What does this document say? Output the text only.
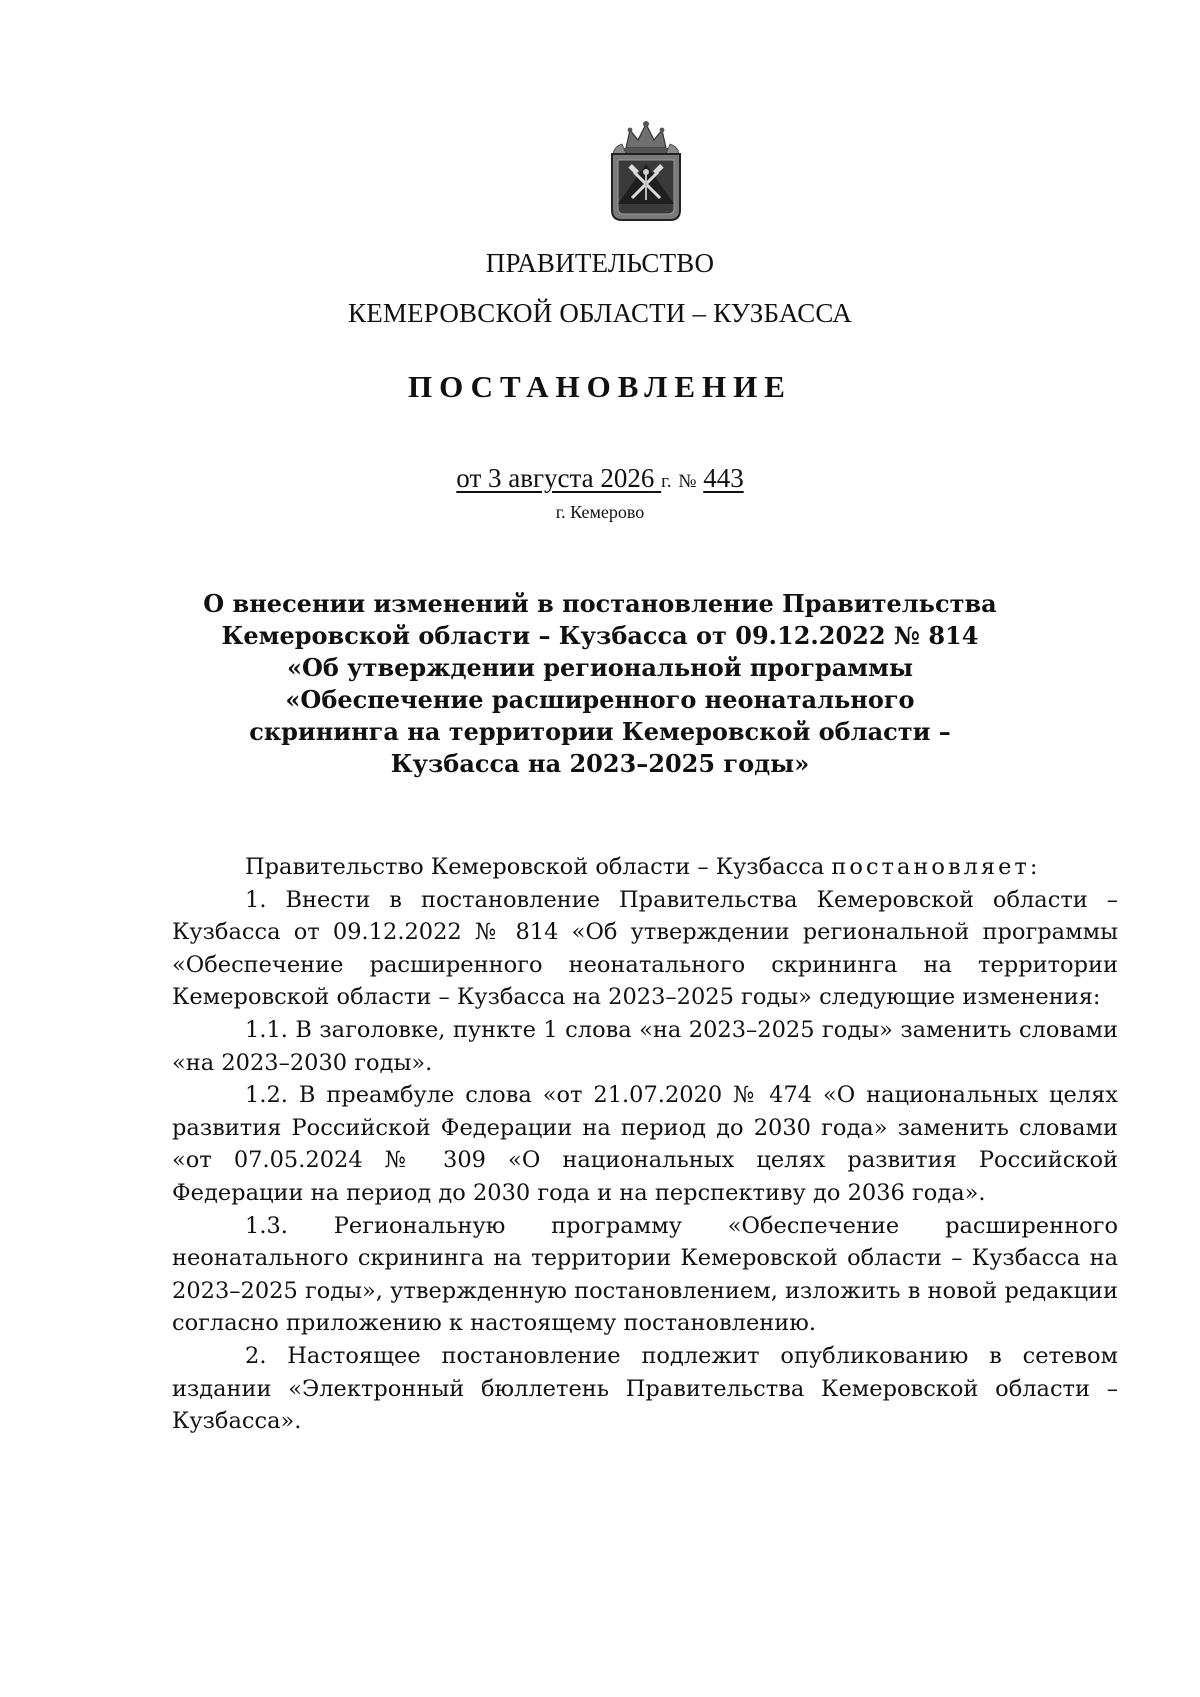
ПРАВИТЕЛЬСТВО
КЕМЕРОВСКОЙ ОБЛАСТИ – КУЗБАССА
ПОСТАНОВЛЕНИЕ
от 3 августа 2026 г. № 443
г. Кемерово
О внесении изменений в постановление Правительства
Кемеровской области – Кузбасса от 09.12.2022 № 814
«Об утверждении региональной программы
«Обеспечение расширенного неонатального
скрининга на территории Кемеровской области –
Кузбасса на 2023–2025 годы»

Правительство Кемеровской области – Кузбасса постановляет:

1. Внести в постановление Правительства Кемеровской области – Кузбасса от 09.12.2022 № 814 «Об утверждении региональной программы «Обеспечение расширенного неонатального скрининга на территории Кемеровской области – Кузбасса на 2023–2025 годы» следующие изменения:

1.1. В заголовке, пункте 1 слова «на 2023–2025 годы» заменить словами «на 2023–2030 годы».

1.2. В преамбуле слова «от 21.07.2020 № 474 «О национальных целях развития Российской Федерации на период до 2030 года» заменить словами «от 07.05.2024 № 309 «О национальных целях развития Российской Федерации на период до 2030 года и на перспективу до 2036 года».

1.3. Региональную программу «Обеспечение расширенного неонатального скрининга на территории Кемеровской области – Кузбасса на 2023–2025 годы», утвержденную постановлением, изложить в новой редакции согласно приложению к настоящему постановлению.

2. Настоящее постановление подлежит опубликованию в сетевом издании «Электронный бюллетень Правительства Кемеровской области – Кузбасса».
